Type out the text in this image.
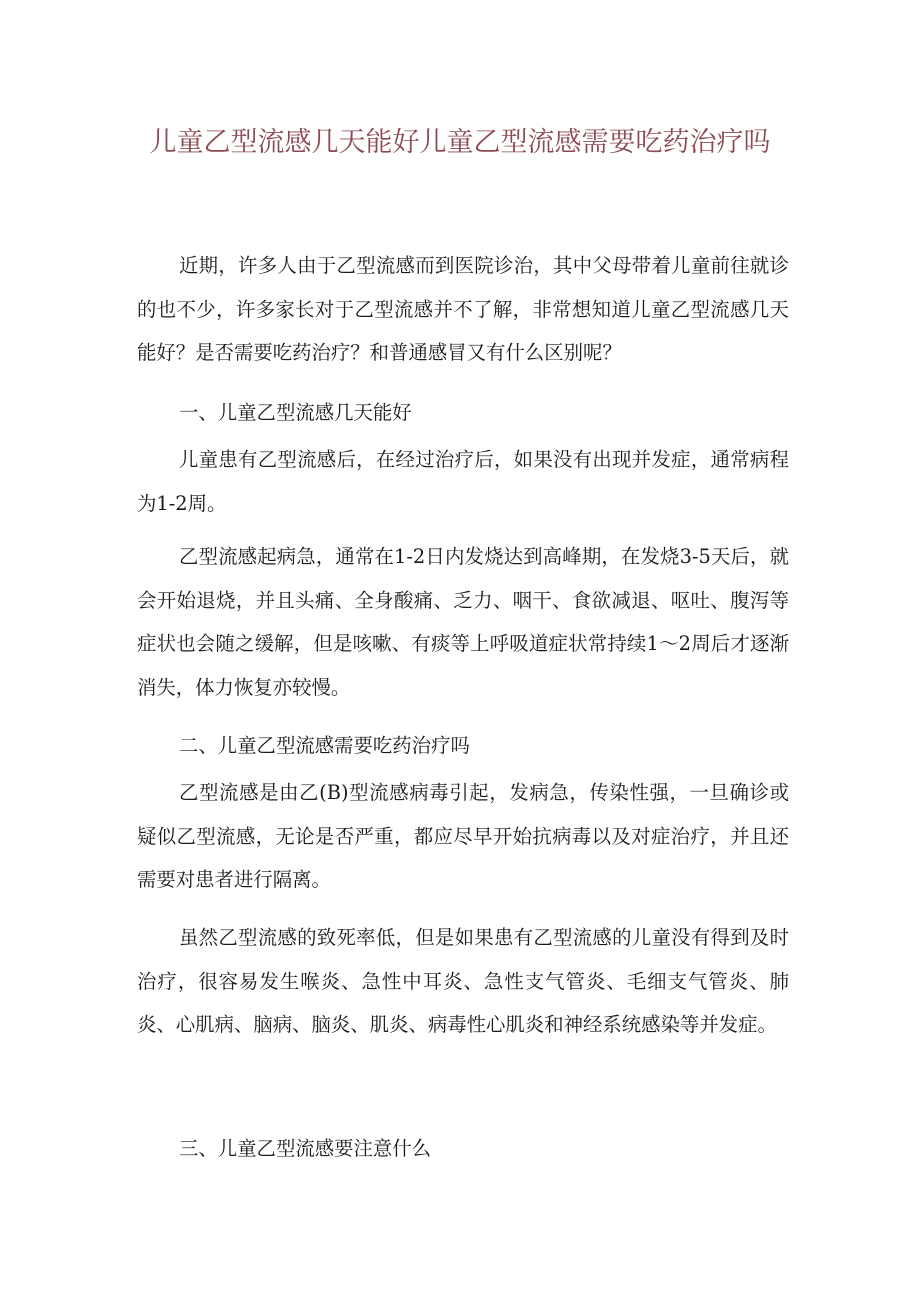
儿童乙型流感几天能好儿童乙型流感需要吃药治疗吗

近期，许多人由于乙型流感而到医院诊治，其中父母带着儿童前往就诊的也不少，许多家长对于乙型流感并不了解，非常想知道儿童乙型流感几天能好？是否需要吃药治疗？和普通感冒又有什么区别呢？

一、儿童乙型流感几天能好

儿童患有乙型流感后，在经过治疗后，如果没有出现并发症，通常病程为1-2周。

乙型流感起病急，通常在1-2日内发烧达到高峰期，在发烧3-5天后，就会开始退烧，并且头痛、全身酸痛、乏力、咽干、食欲减退、呕吐、腹泻等症状也会随之缓解，但是咳嗽、有痰等上呼吸道症状常持续1～2周后才逐渐消失，体力恢复亦较慢。

二、儿童乙型流感需要吃药治疗吗

乙型流感是由乙(B)型流感病毒引起，发病急，传染性强，一旦确诊或疑似乙型流感，无论是否严重，都应尽早开始抗病毒以及对症治疗，并且还需要对患者进行隔离。

虽然乙型流感的致死率低，但是如果患有乙型流感的儿童没有得到及时治疗，很容易发生喉炎、急性中耳炎、急性支气管炎、毛细支气管炎、肺炎、心肌病、脑病、脑炎、肌炎、病毒性心肌炎和神经系统感染等并发症。

三、儿童乙型流感要注意什么
